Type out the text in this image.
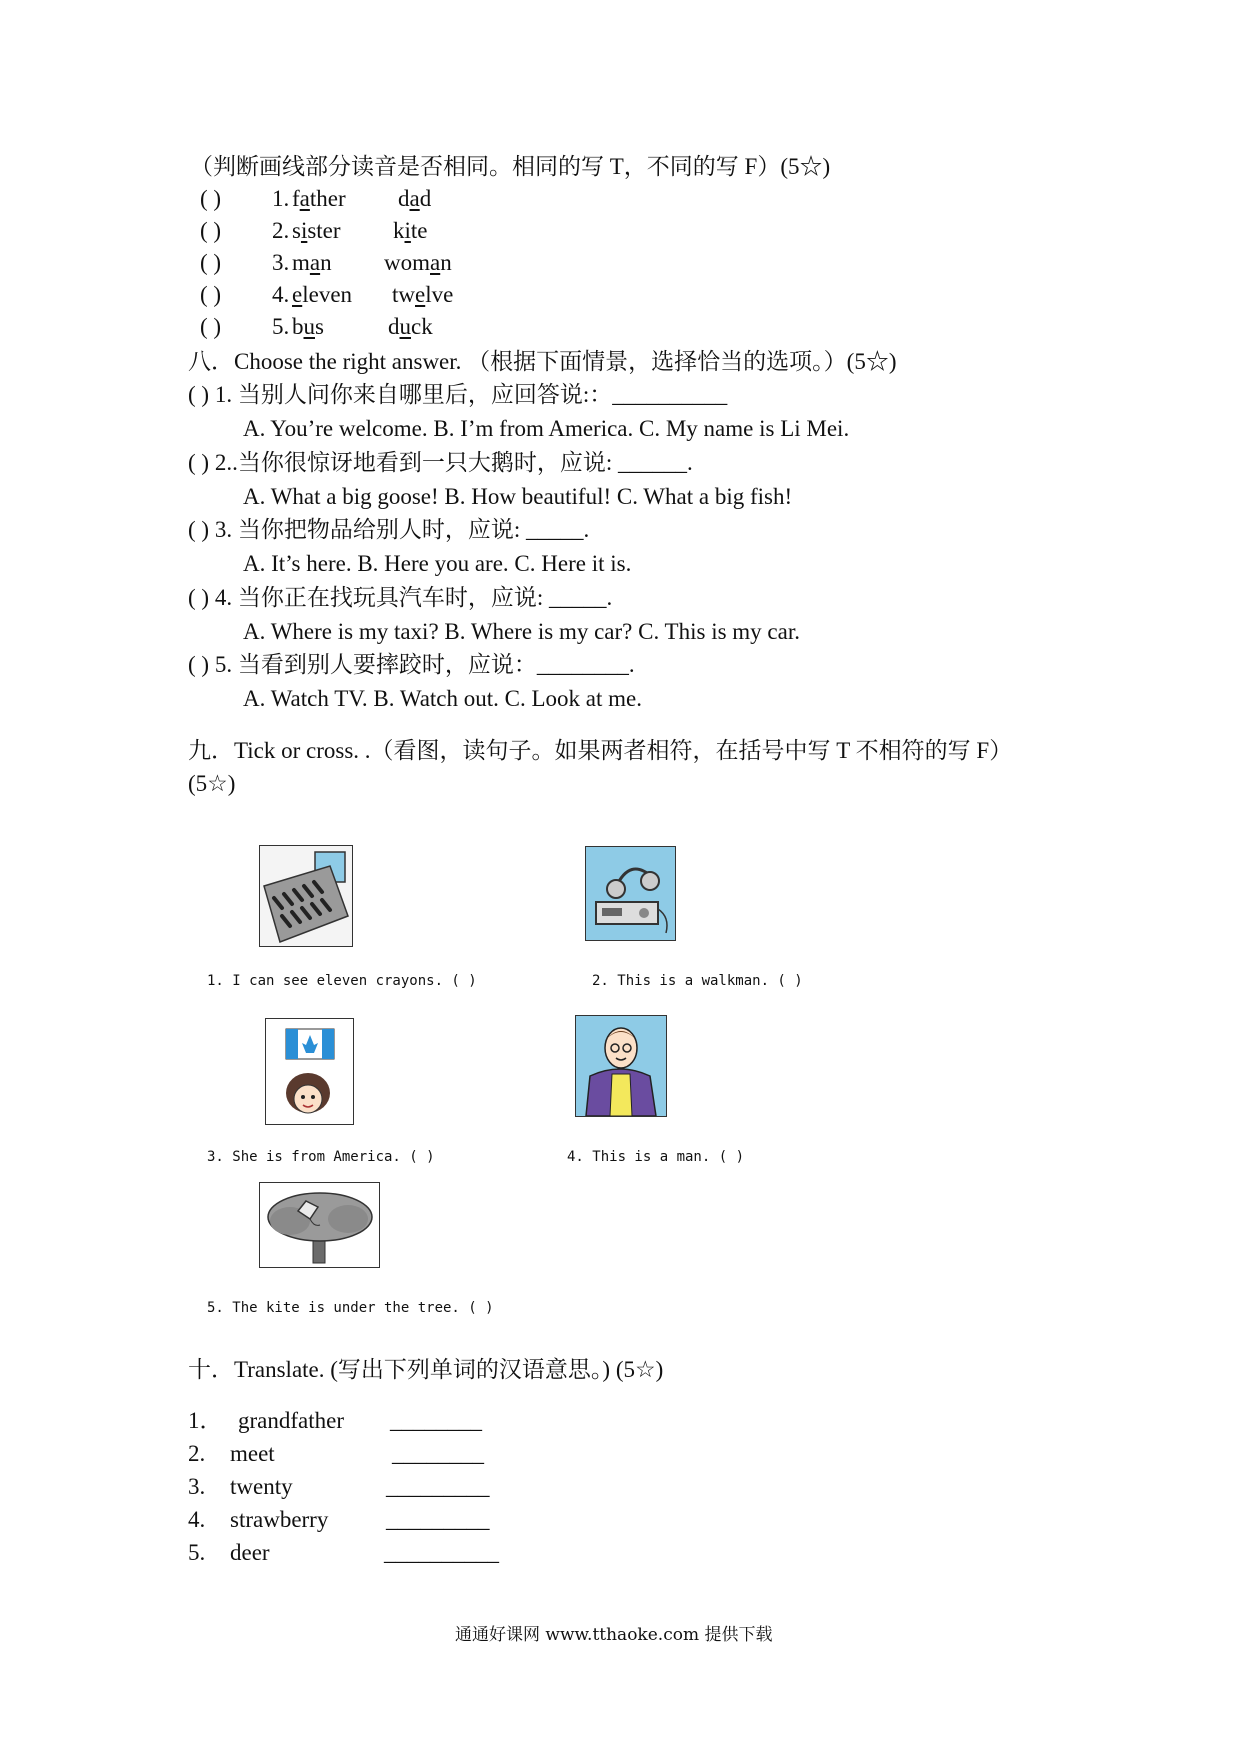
（判断画线部分读音是否相同。相同的写 T，不同的写 F）(5☆)
( ) 1. father dad
( ) 2. sister kite
( ) 3. man woman
( ) 4. eleven twelve
( ) 5. bus	duck
八．Choose the right answer. （根据下面情景，选择恰当的选项。）(5☆)
( ) 1. 当别人问你来自哪里后，应回答说:：__________
A. You’re welcome. B. I’m from America. C. My name is Li Mei.
( ) 2..当你很惊讶地看到一只大鹅时，应说: ______.
A. What a big goose! B. How beautiful! C. What a big fish!
( ) 3. 当你把物品给别人时，应说: _____.
A. It’s here. B. Here you are. C. Here it is.
( ) 4. 当你正在找玩具汽车时，应说: _____.
A. Where is my taxi? B. Where is my car? C. This is my car.
( ) 5. 当看到别人要摔跤时，应说：________.
A. Watch TV. B. Watch out. C. Look at me.
九．Tick or cross. .（看图，读句子。如果两者相符，在括号中写 T 不相符的写 F）
(5☆)
1. I can see eleven crayons. ( )	2. This is a walkman. ( )
3. She is from America. ( )	4. This is a man. ( )
5. The kite is under the tree. ( )
十．Translate. (写出下列单词的汉语意思。) (5☆)
1． grandfather ________
2. meet	________
3. twenty	_________
4. strawberry	_________
5. deer	__________
通通好课网 www.tthaoke.com 提供下载
